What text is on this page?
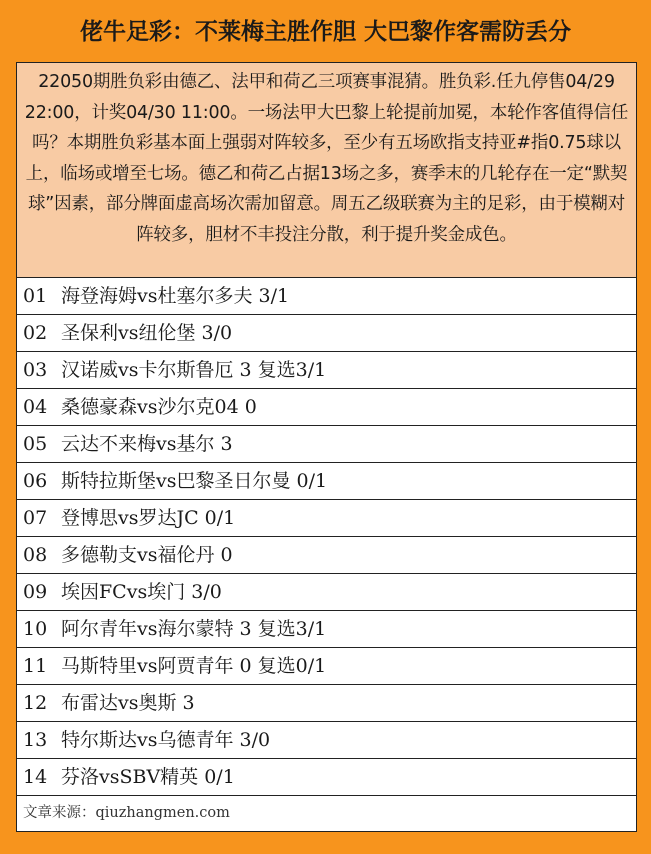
佬牛足彩：不莱梅主胜作胆 大巴黎作客需防丢分
22050期胜负彩由德乙、法甲和荷乙三项赛事混猜。胜负彩.任九停售04/29 22:00，计奖04/30 11:00。一场法甲大巴黎上轮提前加冕，本轮作客值得信任吗？本期胜负彩基本面上强弱对阵较多，至少有五场欧指支持亚#指0.75球以上，临场或增至七场。德乙和荷乙占据13场之多，赛季末的几轮存在一定“默契球”因素，部分牌面虚高场次需加留意。周五乙级联赛为主的足彩，由于模糊对阵较多，胆材不丰投注分散，利于提升奖金成色。
01 海登海姆vs杜塞尔多夫 3/1
02 圣保利vs纽伦堡 3/0
03 汉诺威vs卡尔斯鲁厄 3 复选3/1
04 桑德豪森vs沙尔克04 0
05 云达不来梅vs基尔 3
06 斯特拉斯堡vs巴黎圣日尔曼 0/1
07 登博思vs罗达JC 0/1
08 多德勒支vs福伦丹 0
09 埃因FCvs埃门 3/0
10 阿尔青年vs海尔蒙特 3 复选3/1
11 马斯特里vs阿贾青年 0 复选0/1
12 布雷达vs奥斯 3
13 特尔斯达vs乌德青年 3/0
14 芬洛vsSBV精英 0/1
文章来源：qiuzhangmen.com
